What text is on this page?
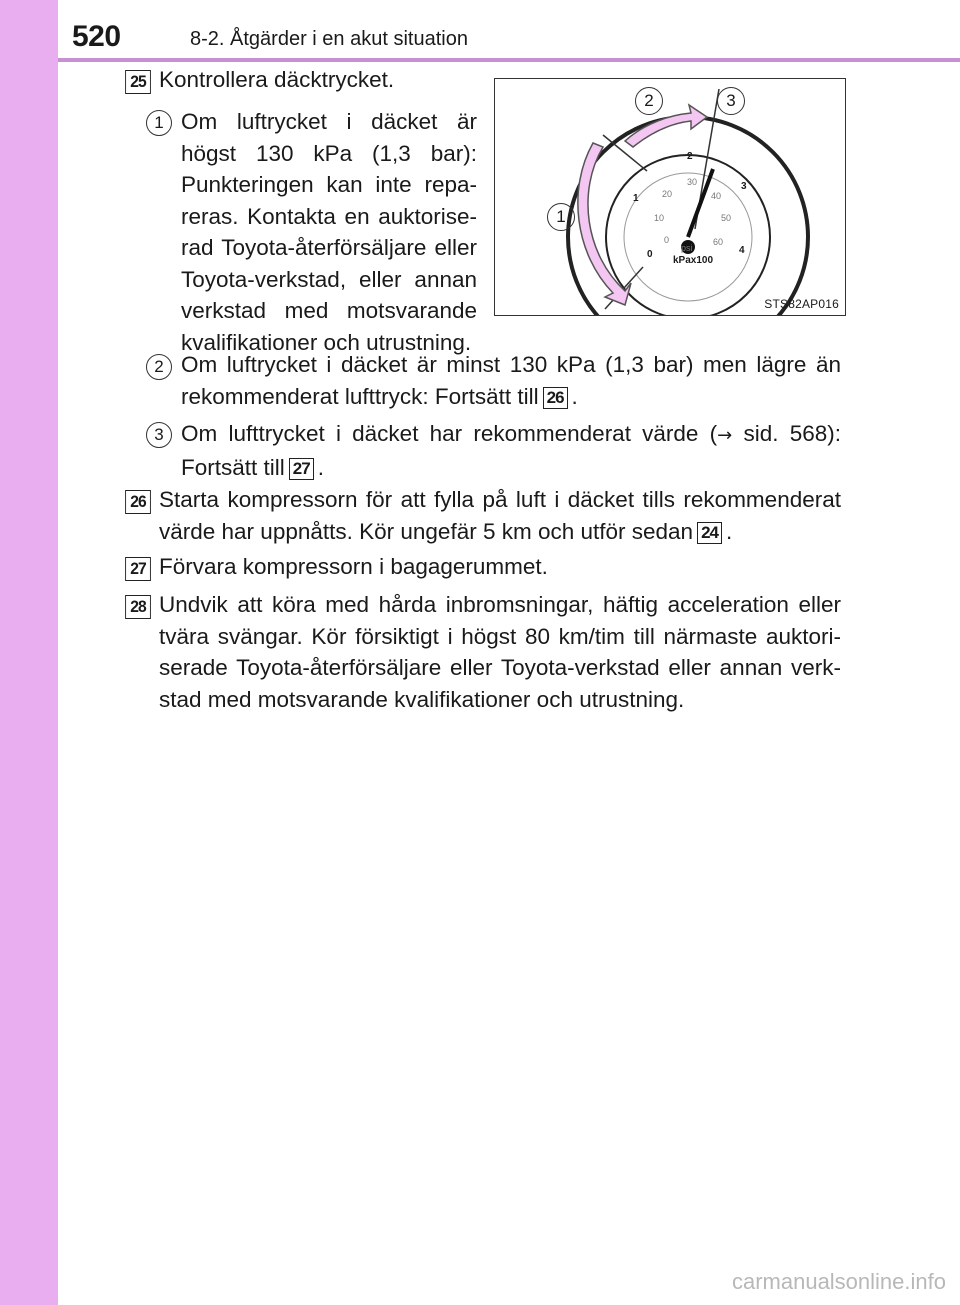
520	8-2. Åtgärder i en akut situation
25 Kontrollera däcktrycket.
1 Om luftrycket i däcket är högst 130 kPa (1,3 bar): Punkteringen kan inte repa-reras. Kontakta en auktorise-rad Toyota-återförsäljare eller Toyota-verkstad, eller annan verkstad med motsvarande kvalifikationer och utrustning.
1
2	3
0
1
2
3
4
0
10
20
30
40
50
60
psi
kPax100
STS82AP016
2 Om luftrycket i däcket är minst 130 kPa (1,3 bar) men lägre än rekommenderat lufttryck: Fortsätt till 26 .
3 Om lufttrycket i däcket har rekommenderat värde (→ sid. 568): Fortsätt till 27 .
26 Starta kompressorn för att fylla på luft i däcket tills rekommenderat värde har uppnåtts. Kör ungefär 5 km och utför sedan 24 .
27 Förvara kompressorn i bagagerummet.
28 Undvik att köra med hårda inbromsningar, häftig acceleration eller tvära svängar. Kör försiktigt i högst 80 km/tim till närmaste auktori-serade Toyota-återförsäljare eller Toyota-verkstad eller annan verk-stad med motsvarande kvalifikationer och utrustning.
carmanualsonline.info
